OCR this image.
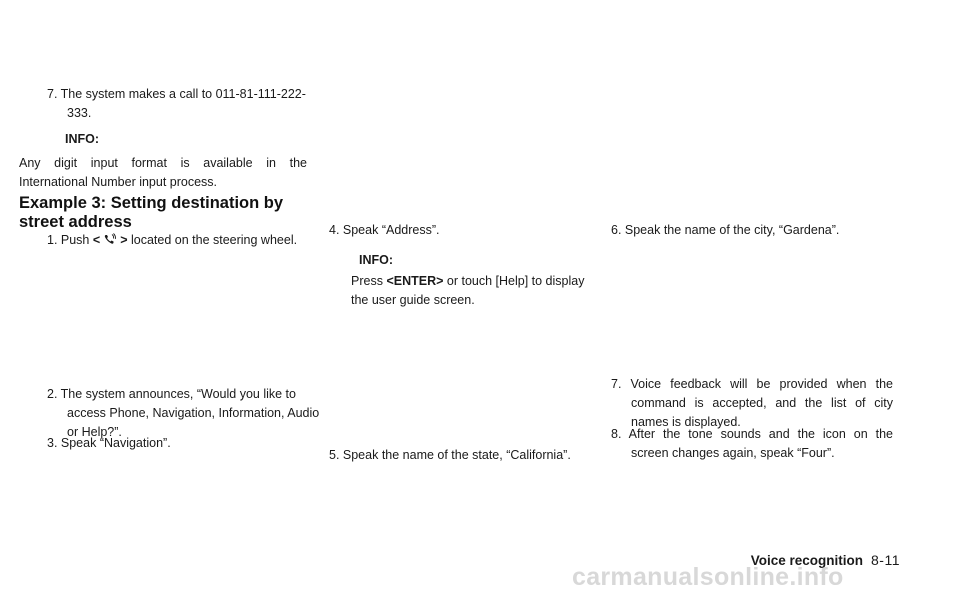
7. The system makes a call to 011-81-111-222-333.

INFO:

Any digit input format is available in the International Number input process.

Example 3: Setting destination by street address

1. Push < > located on the steering wheel.

2. The system announces, “Would you like to access Phone, Navigation, Information, Audio or Help?”.

3. Speak “Navigation”.

4. Speak “Address”.

INFO:

Press <ENTER> or touch [Help] to display the user guide screen.

5. Speak the name of the state, “California”.

6. Speak the name of the city, “Gardena”.

7. Voice feedback will be provided when the command is accepted, and the list of city names is displayed.

8. After the tone sounds and the icon on the screen changes again, speak “Four”.

Voice recognition 8-11
carmanualsonline.info
